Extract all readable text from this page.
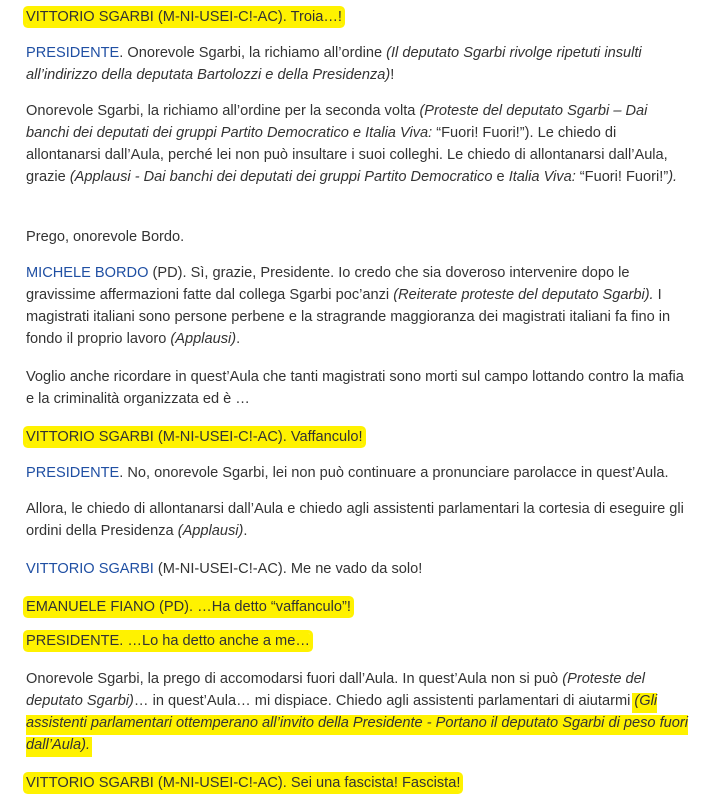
VITTORIO SGARBI (M-NI-USEI-C!-AC). Troia…!

PRESIDENTE. Onorevole Sgarbi, la richiamo all’ordine (Il deputato Sgarbi rivolge ripetuti insulti all’indirizzo della deputata Bartolozzi e della Presidenza)!

Onorevole Sgarbi, la richiamo all’ordine per la seconda volta (Proteste del deputato Sgarbi – Dai banchi dei deputati dei gruppi Partito Democratico e Italia Viva: “Fuori! Fuori!”). Le chiedo di allontanarsi dall’Aula, perché lei non può insultare i suoi colleghi. Le chiedo di allontanarsi dall’Aula, grazie (Applausi - Dai banchi dei deputati dei gruppi Partito Democratico e Italia Viva: “Fuori! Fuori!”).

Prego, onorevole Bordo.

MICHELE BORDO (PD). Sì, grazie, Presidente. Io credo che sia doveroso intervenire dopo le gravissime affermazioni fatte dal collega Sgarbi poc’anzi (Reiterate proteste del deputato Sgarbi). I magistrati italiani sono persone perbene e la stragrande maggioranza dei magistrati italiani fa fino in fondo il proprio lavoro (Applausi).

Voglio anche ricordare in quest’Aula che tanti magistrati sono morti sul campo lottando contro la mafia e la criminalità organizzata ed è …

VITTORIO SGARBI (M-NI-USEI-C!-AC). Vaffanculo!

PRESIDENTE. No, onorevole Sgarbi, lei non può continuare a pronunciare parolacce in quest’Aula.

Allora, le chiedo di allontanarsi dall’Aula e chiedo agli assistenti parlamentari la cortesia di eseguire gli ordini della Presidenza (Applausi).

VITTORIO SGARBI (M-NI-USEI-C!-AC). Me ne vado da solo!

EMANUELE FIANO (PD). …Ha detto “vaffanculo”!

PRESIDENTE. …Lo ha detto anche a me…

Onorevole Sgarbi, la prego di accomodarsi fuori dall’Aula. In quest’Aula non si può (Proteste del deputato Sgarbi)… in quest’Aula… mi dispiace. Chiedo agli assistenti parlamentari di aiutarmi (Gli assistenti parlamentari ottemperano all’invito della Presidente - Portano il deputato Sgarbi di peso fuori dall’Aula).

VITTORIO SGARBI (M-NI-USEI-C!-AC). Sei una fascista! Fascista!
